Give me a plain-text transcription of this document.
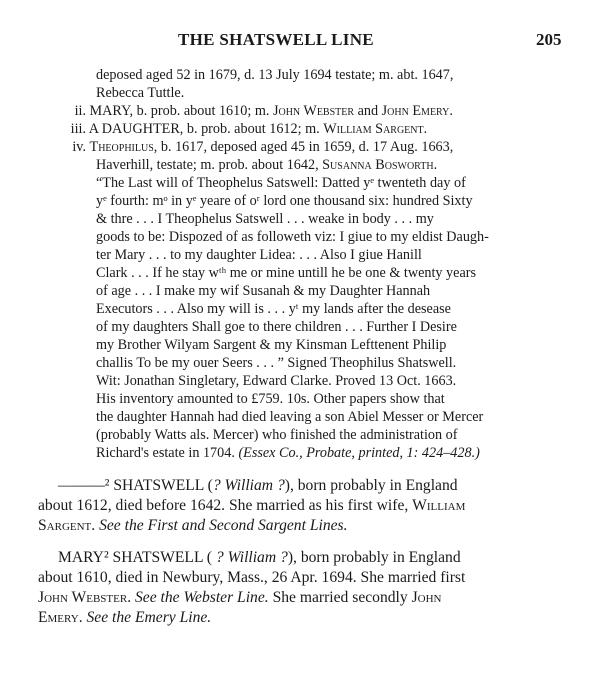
THE SHATSWELL LINE	205
deposed aged 52 in 1679, d. 13 July 1694 testate; m. abt. 1647,
Rebecca Tuttle.
ii. MARY, b. prob. about 1610; m. John Webster and John Emery.
iii. A DAUGHTER, b. prob. about 1612; m. William Sargent.
iv. Theophilus, b. 1617, deposed aged 45 in 1659, d. 17 Aug. 1663,
Haverhill, testate; m. prob. about 1642, Susanna Bosworth.
“The Last will of Theophelus Satswell: Datted yᵉ twenteth day of
yᵉ fourth: mᵒ in yᵉ yeare of oʳ lord one thousand six: hundred Sixty
& thre . . . I Theophelus Satswell . . . weake in body . . . my
goods to be: Dispozed of as followeth viz: I giue to my eldist Daugh-
ter Mary . . . to my daughter Lidea: . . . Also I giue Hanill
Clark . . . If he stay wᵗʰ me or mine untill he be one & twenty years
of age . . . I make my wif Susanah & my Daughter Hannah
Executors . . . Also my will is . . . yᵗ my lands after the desease
of my daughters Shall goe to there children . . . Further I Desire
my Brother Wilyam Sargent & my Kinsman Lefttenent Philip
challis To be my ouer Seers . . . ” Signed Theophilus Shatswell.
Wit: Jonathan Singletary, Edward Clarke. Proved 13 Oct. 1663.
His inventory amounted to £759. 10s. Other papers show that
the daughter Hannah had died leaving a son Abiel Messer or Mercer
(probably Watts als. Mercer) who finished the administration of
Richard's estate in 1704. (Essex Co., Probate, printed, 1: 424–428.)
———² SHATSWELL (? William ?), born probably in England
about 1612, died before 1642. She married as his first wife, William
Sargent. See the First and Second Sargent Lines.
MARY² SHATSWELL ( ? William ?), born probably in England
about 1610, died in Newbury, Mass., 26 Apr. 1694. She married first
John Webster. See the Webster Line. She married secondly John
Emery. See the Emery Line.
